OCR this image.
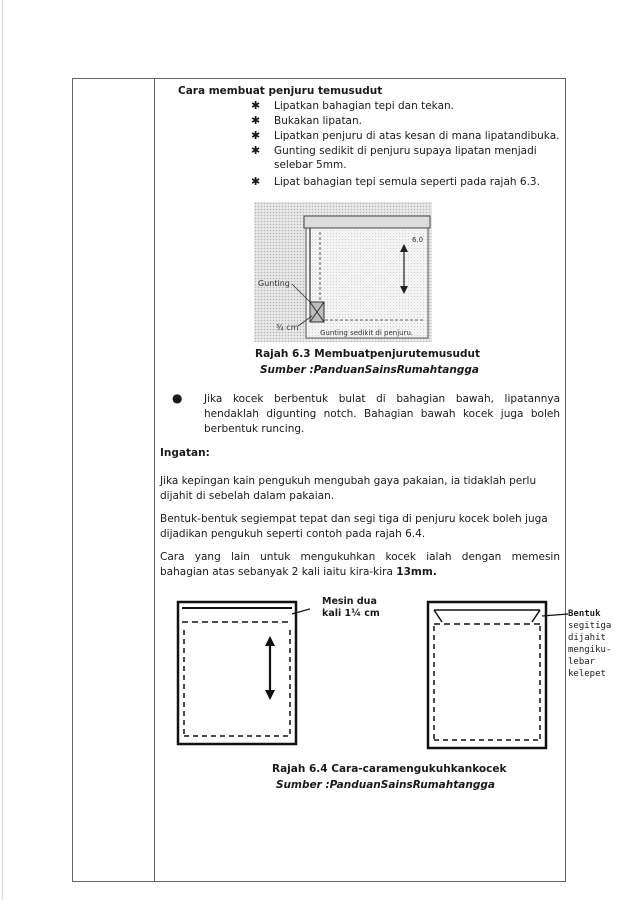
Cara membuat penjuru temusudut
✱ Lipatkan bahagian tepi dan tekan.
✱ Bukakan lipatan.
✱ Lipatkan penjuru di atas kesan di mana lipatandibuka.
✱ Gunting sedikit di penjuru supaya lipatan menjadi
selebar 5mm.
✱ Lipat bahagian tepi semula seperti pada rajah 6.3.
Gunting
¾ cm
Gunting sedikit di penjuru.
6.0
Rajah 6.3 Membuatpenjurutemusudut
Sumber :PanduanSainsRumahtangga
● Jika kocek berbentuk bulat di bahagian bawah, lipatannya
hendaklah digunting notch. Bahagian bawah kocek juga boleh
berbentuk runcing.
Ingatan:
Jika kepingan kain pengukuh mengubah gaya pakaian, ia tidaklah perlu
dijahit di sebelah dalam pakaian.
Bentuk-bentuk segiempat tepat dan segi tiga di penjuru kocek boleh juga
dijadikan pengukuh seperti contoh pada rajah 6.4.
Cara yang lain untuk mengukuhkan kocek ialah dengan memesin
bahagian atas sebanyak 2 kali iaitu kira-kira 13mm.
Mesin dua
kali 1¼ cm	Bentuk
segitiga
dijahit
mengiku-
lebar
kelepet
Rajah 6.4 Cara-caramengukuhkankocek
Sumber :PanduanSainsRumahtangga
